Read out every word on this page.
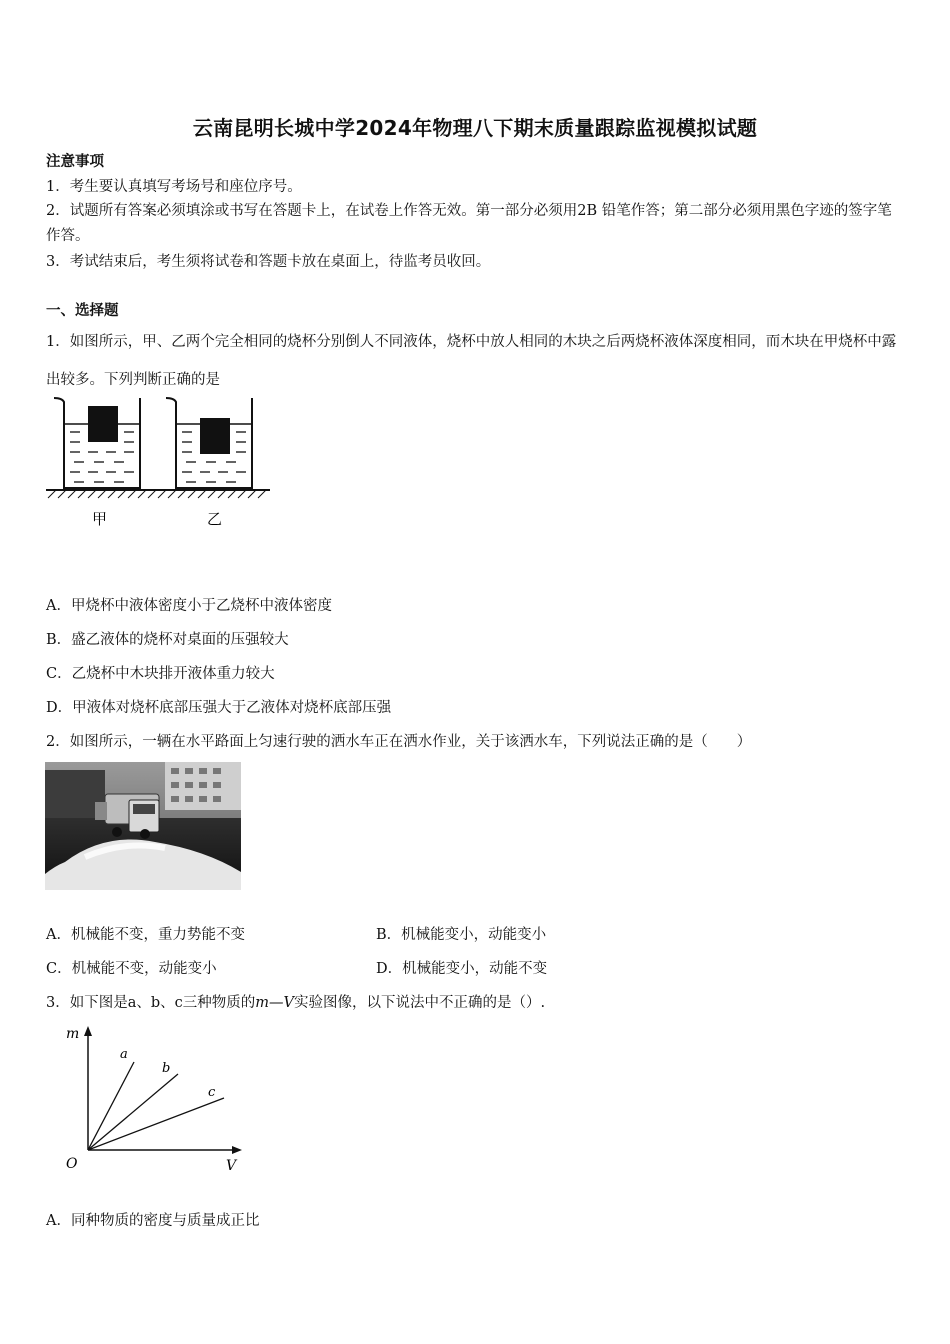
云南昆明长城中学2024年物理八下期末质量跟踪监视模拟试题
注意事项
1．考生要认真填写考场号和座位序号。
2．试题所有答案必须填涂或书写在答题卡上，在试卷上作答无效。第一部分必须用2B 铅笔作答；第二部分必须用黑色字迹的签字笔作答。
3．考试结束后，考生须将试卷和答题卡放在桌面上，待监考员收回。
一、选择题
1．如图所示，甲、乙两个完全相同的烧杯分别倒人不同液体，烧杯中放人相同的木块之后两烧杯液体深度相同，而木块在甲烧杯中露出较多。下列判断正确的是
甲	乙
A．甲烧杯中液体密度小于乙烧杯中液体密度
B．盛乙液体的烧杯对桌面的压强较大
C．乙烧杯中木块排开液体重力较大
D．甲液体对烧杯底部压强大于乙液体对烧杯底部压强
2．如图所示，一辆在水平路面上匀速行驶的洒水车正在洒水作业，关于该洒水车，下列说法正确的是（　　）
A．机械能不变，重力势能不变	B．机械能变小，动能变小
C．机械能不变，动能变小	D．机械能变小，动能不变
3．如下图是a、b、c三种物质的m—V实验图像，以下说法中不正确的是（）.
m
V
O
a
b
c
A．同种物质的密度与质量成正比
